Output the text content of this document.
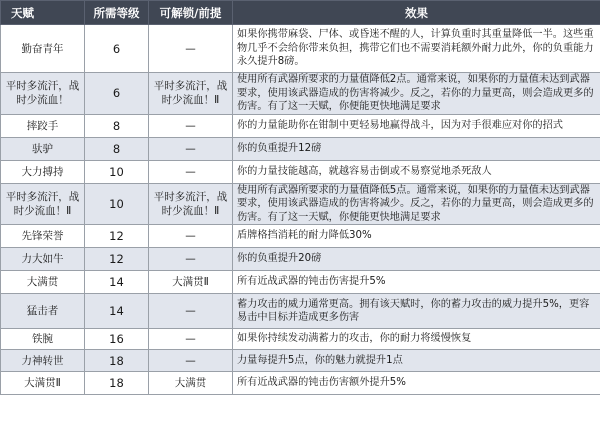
天赋	所需等级	可解锁/前提	效果
勤奋青年	6	—	如果你携带麻袋、尸体、或昏迷不醒的人，计算负重时其重量降低一半。这些重物几乎不会给你带来负担，携带它们也不需要消耗额外耐力此外，你的负重能力永久提升8磅。
平时多流汗，战时少流血！	6	平时多流汗，战时少流血！Ⅱ	使用所有武器所要求的力量值降低2点。通常来说，如果你的力量值未达到武器要求，使用该武器造成的伤害将减少。反之，若你的力量更高，则会造成更多的伤害。有了这一天赋，你便能更快地满足要求
摔跤手	8	—	你的力量能助你在钳制中更轻易地赢得战斗，因为对手很难应对你的招式
驮驴	8	—	你的负重提升12磅
大力搏持	10	—	你的力量技能越高，就越容易击倒或不易察觉地杀死敌人
平时多流汗，战时少流血！Ⅱ	10	平时多流汗，战时少流血！Ⅱ	使用所有武器所要求的力量值降低5点。通常来说，如果你的力量值未达到武器要求，使用该武器造成的伤害将减少。反之，若你的力量更高，则会造成更多的伤害。有了这一天赋，你便能更快地满足要求
先锋荣誉	12	—	盾牌格挡消耗的耐力降低30%
力大如牛	12	—	你的负重提升20磅
大满贯	14	大满贯Ⅱ	所有近战武器的钝击伤害提升5%
猛击者	14	—	蓄力攻击的威力通常更高。拥有该天赋时，你的蓄力攻击的威力提升5%，更容易击中目标并造成更多伤害
铁腕	16	—	如果你持续发动满蓄力的攻击，你的耐力将缓慢恢复
力神转世	18	—	力量每提升5点，你的魅力就提升1点
大满贯Ⅱ	18	大满贯	所有近战武器的钝击伤害额外提升5%
